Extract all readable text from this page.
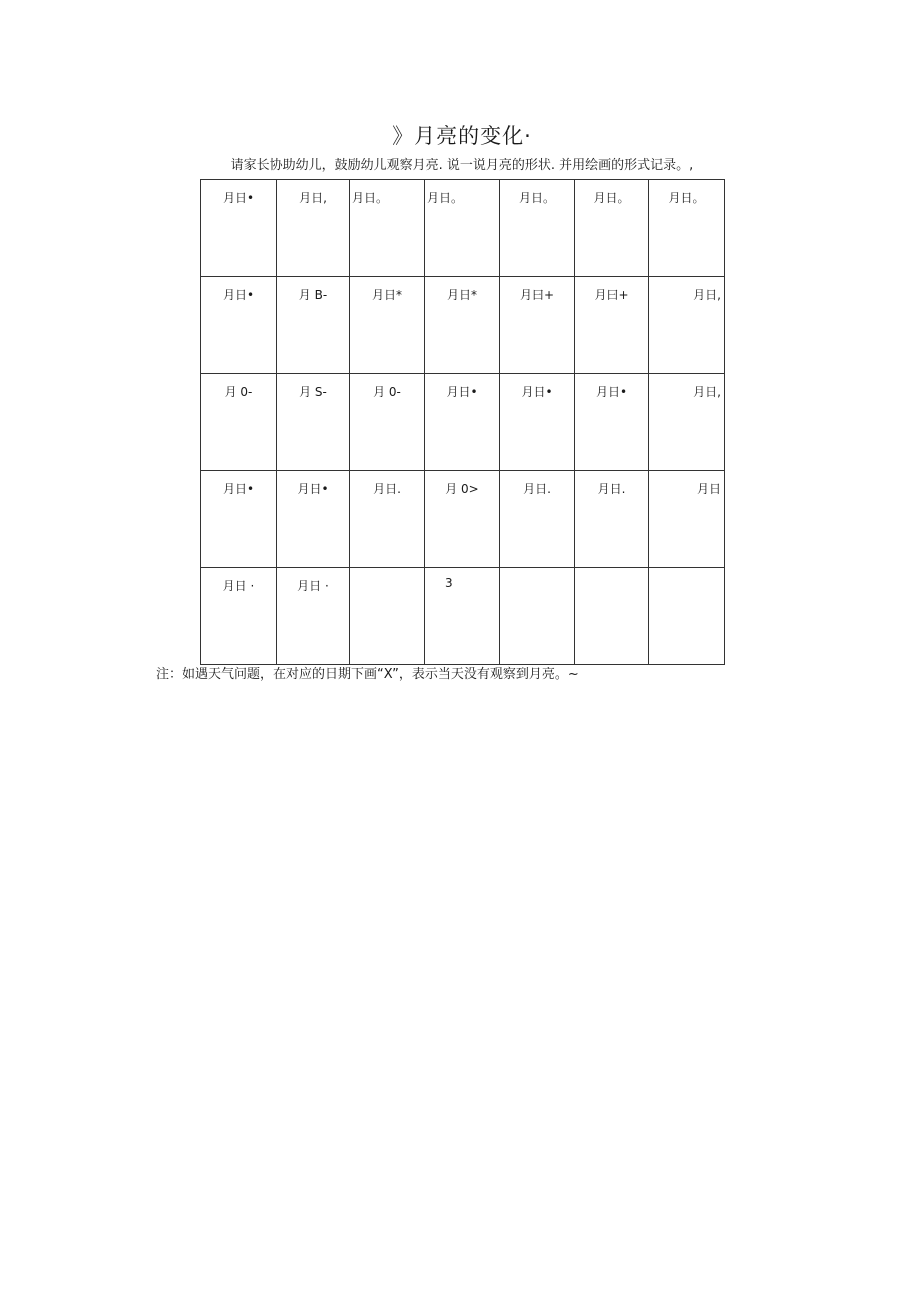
》月亮的变化·
请家长协助幼儿，鼓励幼儿观察月亮. 说一说月亮的形状. 并用绘画的形式记录。,
月日•	月日,	月日。	月日。	月日。	月日。	月日。

月日•	月 B-	月日*	月日*	月曰+	月曰+	月日,

月 0-	月 S-	月 0-	月日•	月日•	月日•	月日,

月日•	月日•	月日.	月 0>	月日.	月日.	月日

月日 ·	月日 ·		3			

注：如遇天气问题，在对应的日期下画“X”，表示当天没有观察到月亮。~
